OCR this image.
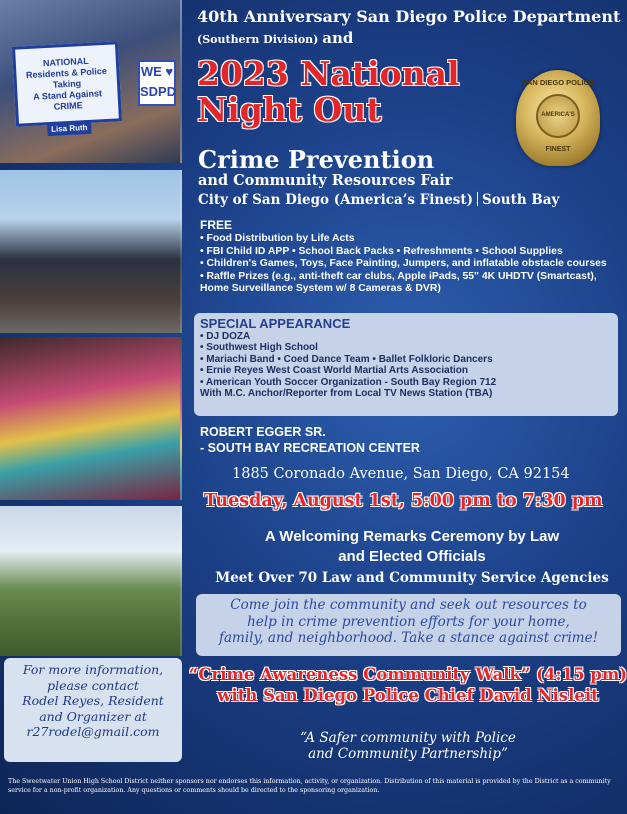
NATIONAL
Residents & Police Taking
A Stand Against CRIME
Lisa Ruth
WE ♥
SDPD
For more information,
please contact
Rodel Reyes, Resident
and Organizer at
r27rodel@gmail.com
40th Anniversary San Diego Police Department
(Southern Division) and
2023 National
Night Out
SAN DIEGO POLICE
AMERICA'S
FINEST
Crime Prevention
and Community Resources Fair
City of San Diego (America’s Finest) South Bay
FREE
• Food Distribution by Life Acts
• FBI Child ID APP • School Back Packs • Refreshments • School Supplies
• Children's Games, Toys, Face Painting, Jumpers, and inflatable obstacle courses
• Raffle Prizes (e.g., anti-theft car clubs, Apple iPads, 55" 4K UHDTV (Smartcast),
Home Surveillance System w/ 8 Cameras & DVR)
SPECIAL APPEARANCE
• DJ DOZA
• Southwest High School
• Mariachi Band • Coed Dance Team • Ballet Folkloric Dancers
• Ernie Reyes West Coast World Martial Arts Association
• American Youth Soccer Organization - South Bay Region 712
With M.C. Anchor/Reporter from Local TV News Station (TBA)
ROBERT EGGER SR.
- SOUTH BAY RECREATION CENTER
1885 Coronado Avenue, San Diego, CA 92154
Tuesday, August 1st, 5:00 pm to 7:30 pm
A Welcoming Remarks Ceremony by Law
and Elected Officials
Meet Over 70 Law and Community Service Agencies
Come join the community and seek out resources to
help in crime prevention efforts for your home,
family, and neighborhood. Take a stance against crime!
“Crime Awareness Community Walk” (4:15 pm)
with San Diego Police Chief David Nisleit
“A Safer community with Police
and Community Partnership”
The Sweetwater Union High School District neither sponsors nor endorses this information, activity, or organization. Distribution of this material is provided by the District as a community service for a non-profit organization. Any questions or comments should be directed to the sponsoring organization.
